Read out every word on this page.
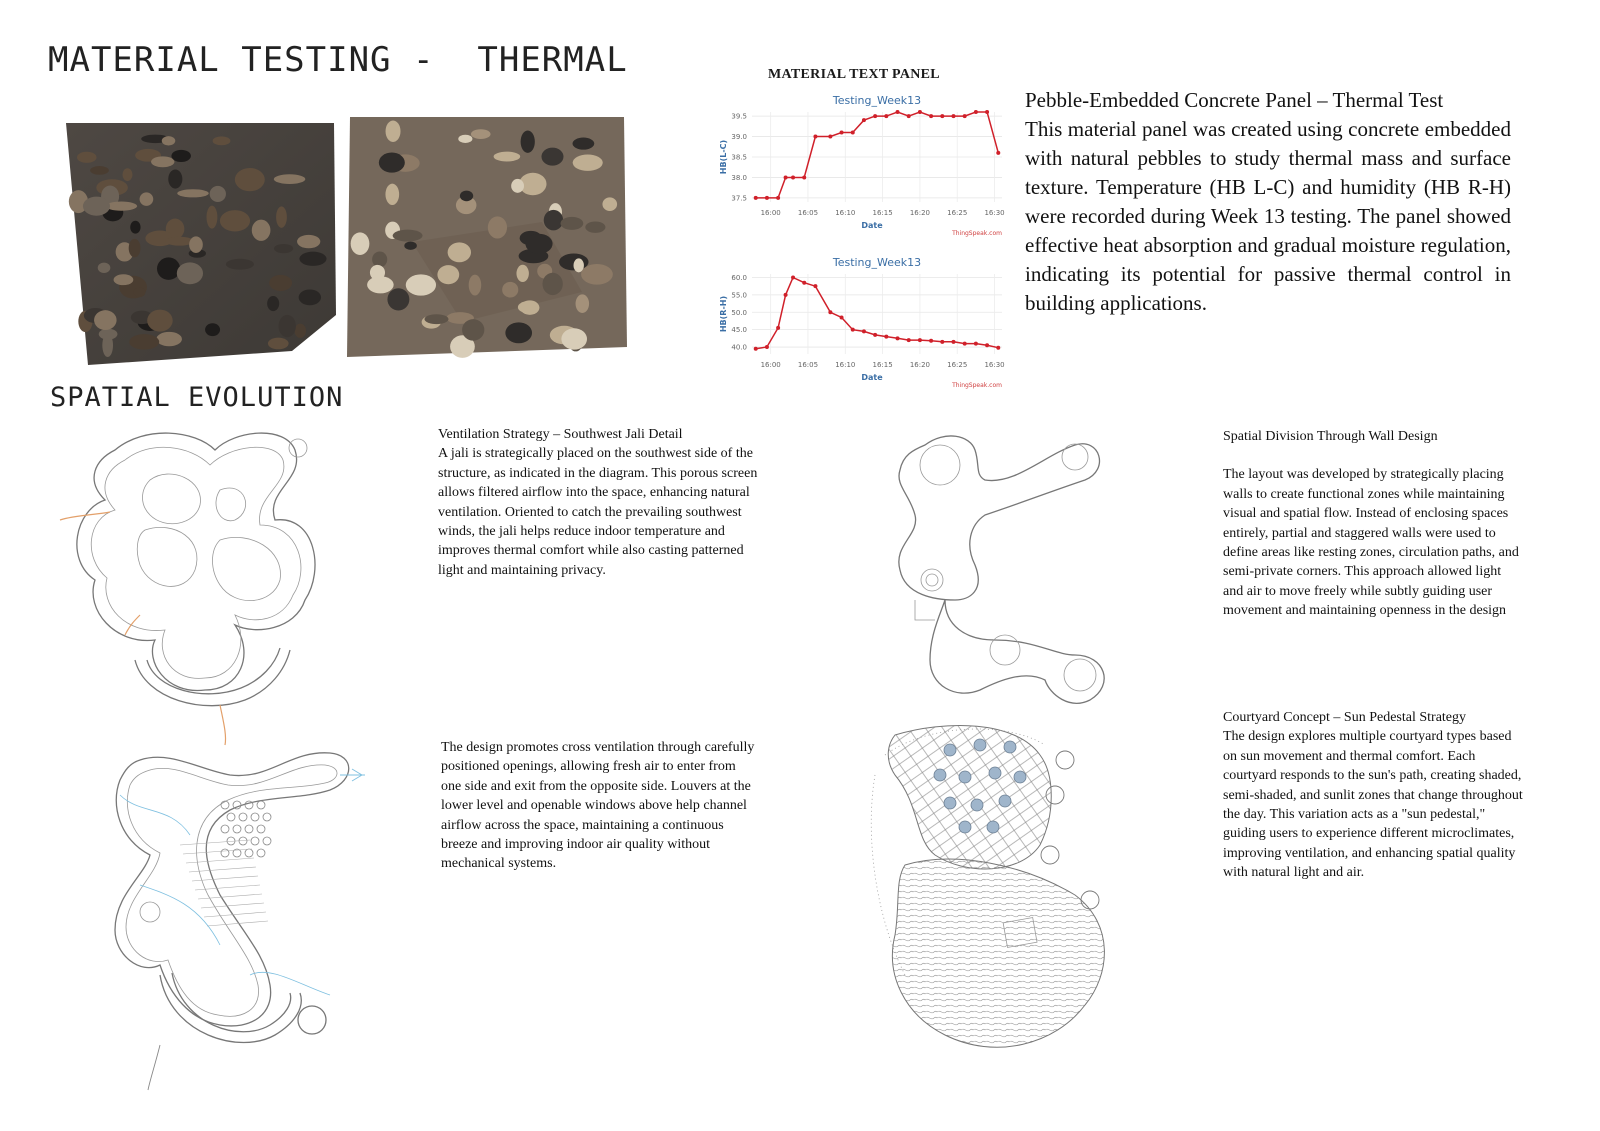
MATERIAL TESTING -  THERMAL	MATERIAL TEXT PANEL
Testing_Week13
39.5
39.0
38.5
38.0
37.5
16:00 16:05 16:10 16:15 16:20 16:25 16:30
HB(L-C)
Date
ThingSpeak.com
Testing_Week13
60.0
55.0
50.0
45.0
40.0
16:00 16:05 16:10 16:15 16:20 16:25 16:30
HB(R-H)
Date
ThingSpeak.com
Pebble-Embedded Concrete Panel – Thermal Test
This material panel was created using concrete embedded with natural pebbles to study thermal mass and surface texture. Temperature (HB L-C) and humidity (HB R-H) were recorded during Week 13 testing. The panel showed effective heat absorption and gradual moisture regulation, indicating its potential for passive thermal control in building applications.
SPATIAL EVOLUTION
Ventilation Strategy – Southwest Jali Detail
A jali is strategically placed on the southwest side of the structure, as indicated in the diagram. This porous screen allows filtered airflow into the space, enhancing natural ventilation. Oriented to catch the prevailing southwest winds, the jali helps reduce indoor temperature and improves thermal comfort while also casting patterned light and maintaining privacy.
The design promotes cross ventilation through carefully positioned openings, allowing fresh air to enter from one side and exit from the opposite side. Louvers at the lower level and openable windows above help channel airflow across the space, maintaining a continuous breeze and improving indoor air quality without mechanical systems.
Spatial Division Through Wall Design
The layout was developed by strategically placing walls to create functional zones while maintaining visual and spatial flow. Instead of enclosing spaces entirely, partial and staggered walls were used to define areas like resting zones, circulation paths, and semi-private corners. This approach allowed light and air to move freely while subtly guiding user movement and maintaining openness in the design
Courtyard Concept – Sun Pedestal Strategy
The design explores multiple courtyard types based on sun movement and thermal comfort. Each courtyard responds to the sun's path, creating shaded, semi-shaded, and sunlit zones that change throughout the day. This variation acts as a "sun pedestal," guiding users to experience different microclimates, improving ventilation, and enhancing spatial quality with natural light and air.
